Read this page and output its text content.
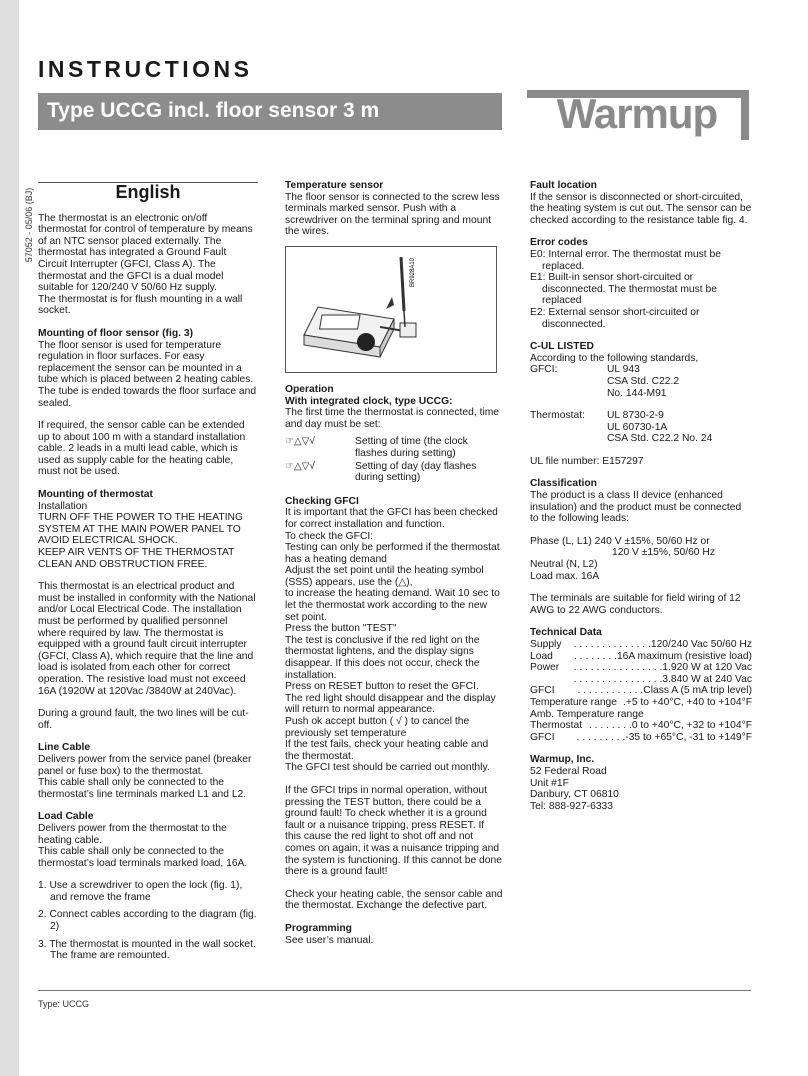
57052 - 05/06 (BJ)
INSTRUCTIONS
Type UCCG incl. floor sensor 3 m	Warmup
English

The thermostat is an electronic on/off thermostat for control of temperature by means of an NTC sensor placed externally. The thermostat has integrated a Ground Fault Circuit Interrupter (GFCI, Class A). The thermostat and the GFCI is a dual model suitable for 120/240 V 50/60 Hz supply.

The thermostat is for flush mounting in a wall socket.

Mounting of floor sensor (fig. 3)

The floor sensor is used for temperature regulation in floor surfaces. For easy replacement the sensor can be mounted in a tube which is placed between 2 heating cables. The tube is ended towards the floor surface and sealed.

If required, the sensor cable can be extended up to about 100 m with a standard installation cable. 2 leads in a multi lead cable, which is used as supply cable for the heating cable, must not be used.

Mounting of thermostat

Installation

TURN OFF THE POWER TO THE HEATING SYSTEM AT THE MAIN POWER PANEL TO AVOID ELECTRICAL SHOCK.

KEEP AIR VENTS OF THE THERMOSTAT CLEAN AND OBSTRUCTION FREE.

This thermostat is an electrical product and must be installed in conformity with the National and/or Local Electrical Code. The installation must be performed by qualified personnel where required by law. The thermostat is equipped with a ground fault circuit interrupter (GFCI, Class A), which require that the line and load is isolated from each other for correct operation. The resistive load must not exceed 16A (1920W at 120Vac /3840W at 240Vac).

During a ground fault, the two lines will be cut-off.

Line Cable

Delivers power from the service panel (breaker panel or fuse box) to the thermostat.

This cable shall only be connected to the thermostat’s line terminals marked L1 and L2.

Load Cable

Delivers power from the thermostat to the heating cable.

This cable shall only be connected to the thermostat’s load terminals marked load, 16A.

1. Use a screwdriver to open the lock (fig. 1), and remove the frame

2. Connect cables according to the diagram (fig. 2)

3. The thermostat is mounted in the wall socket. The frame are remounted.

Temperature sensor

The floor sensor is connected to the screw less terminals marked sensor. Push with a screwdriver on the terminal spring and mount the wires.

BR928A10

Operation

With integrated clock, type UCCG:

The first time the thermostat is connected, time and day must be set:

☞△▽√	Setting of time (the clock flashes during setting)
☞△▽√	Setting of day (day flashes during setting)

Checking GFCI

It is important that the GFCI has been checked for correct installation and function.

To check the GFCI:

Testing can only be performed if the thermostat has a heating demand

Adjust the set point until the heating symbol (SSS) appears, use the (△),

to increase the heating demand. Wait 10 sec to let the thermostat work according to the new set point.

Press the button "TEST"

The test is conclusive if the red light on the thermostat lightens, and the display signs disappear. If this does not occur, check the installation.

Press on RESET button to reset the GFCI.

The red light should disappear and the display will return to normal appearance.

Push ok accept button ( √ ) to cancel the previously set temperature

If the test fails, check your heating cable and the thermostat.

The GFCI test should be carried out monthly.

If the GFCI trips in normal operation, without pressing the TEST button, there could be a ground fault! To check whether it is a ground fault or a nuisance tripping, press RESET. If this cause the red light to shot off and not comes on again, it was a nuisance tripping and the system is functioning. If this cannot be done there is a ground fault!

Check your heating cable, the sensor cable and the thermostat. Exchange the defective part.

Programming

See user’s manual.

Fault location

If the sensor is disconnected or short-circuited, the heating system is cut out. The sensor can be checked according to the resistance table fig. 4.

Error codes

E0: Internal error. The thermostat must be replaced.

E1: Built-in sensor short-circuited or disconnected. The thermostat must be replaced

E2: External sensor short-circuited or disconnected.

C-UL LISTED

According to the following standards,

GFCI:	UL 943
	CSA Std. C22.2
	No. 144-M91
Thermostat:	UL 8730-2-9
	UL 60730-1A
	CSA Std. C22.2 No. 24

UL file number: E157297

Classification

The product is a class II device (enhanced insulation) and the product must be connected to the following leads:

Phase (L, L1) 240 V ±15%, 50/60 Hz or

120 V ±15%, 50/60 Hz

Neutral (N, L2)

Load max. 16A

The terminals are suitable for field wiring of 12 AWG to 22 AWG conductors.

Technical Data

Supply	. . . . . . . . . . . . . .120/240 Vac 50/60 Hz
Load	. . . . . . . .16A maximum (resistive load)
Power	. . . . . . . . . . . . . . . .1.920 W at 120 Vac
. . . . . . . . . . . . . . . .3.840 W at 240 Vac
GFCI	. . . . . . . . . . . .Class A (5 mA trip level)
Temperature range .+5 to +40°C, +40 to +104°F
Amb. Temperature range
Thermostat . . . . . . . .0 to +40°C, +32 to +104°F
GFCI	. . . . . . . . .-35 to +65°C, -31 to +149°F

Warmup, Inc.

52 Federal Road

Unit #1F

Danbury, CT 06810

Tel: 888-927-6333

Type: UCCG
